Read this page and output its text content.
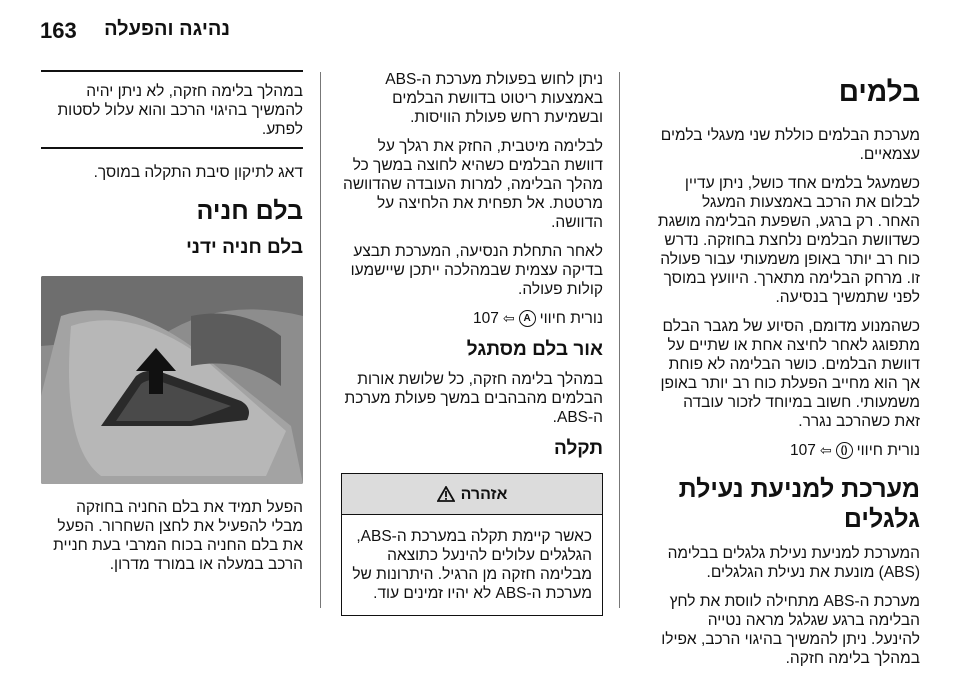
163 נהיגה והפעלה
בלמים

מערכת הבלמים כוללת שני מעגלי בלמים עצמאיים.

כשמעגל בלמים אחד כושל, ניתן עדיין לבלום את הרכב באמצעות המעגל האחר. רק ברגע, השפעת הבלימה מושגת כשדוושת הבלמים נלחצת בחוזקה. נדרש כוח רב יותר באופן משמעותי עבור פעולה זו. מרחק הבלימה מתארך. היוועץ במוסך לפני שתמשיך בנסיעה.

כשהמנוע מדומם, הסיוע של מגבר הבלם מתפוגג לאחר לחיצה אחת או שתיים על דוושת הבלמים. כושר הבלימה לא פוחת אך הוא מחייב הפעלת כוח רב יותר באופן משמעותי. חשוב במיוחד לזכור עובדה זאת כשהרכב נגרר.

נורית חיווי
()
⇦
107
מערכת למניעת נעילת גלגלים

המערכת למניעת נעילת גלגלים בבלימה (ABS) מונעת את נעילת הגלגלים.

מערכת ה-ABS מתחילה לווסת את לחץ הבלימה ברגע שגלגל מראה נטייה להינעל. ניתן להמשיך בהיגוי הרכב, אפילו במהלך בלימה חזקה.

ניתן לחוש בפעולת מערכת ה-ABS באמצעות ריטוט בדוושת הבלמים ובשמיעת רחש פעולת הוויסות.

לבלימה מיטבית, החזק את רגלך על דוושת הבלמים כשהיא לחוצה במשך כל מהלך הבלימה, למרות העובדה שהדוושה מרטטת. אל תפחית את הלחיצה על הדוושה.

לאחר התחלת הנסיעה, המערכת תבצע בדיקה עצמית שבמהלכה ייתכן שיישמעו קולות פעולה.

נורית חיווי
A
⇦
107
אור בלם מסתגל

במהלך בלימה חזקה, כל שלושת אורות הבלמים מהבהבים במשך פעולת מערכת ה-ABS.

תקלה
אזהרה
כאשר קיימת תקלה במערכת ה-ABS, הגלגלים עלולים להינעל כתוצאה מבלימה חזקה מן הרגיל. היתרונות של מערכת ה-ABS לא יהיו זמינים עוד.
במהלך בלימה חזקה, לא ניתן יהיה להמשיך בהיגוי הרכב והוא עלול לסטות לפתע.

דאג לתיקון סיבת התקלה במוסך.

בלם חניה
בלם חניה ידני

הפעל תמיד את בלם החניה בחוזקה מבלי להפעיל את לחצן השחרור. הפעל את בלם החניה בכוח המרבי בעת חניית הרכב במעלה או במורד מדרון.
